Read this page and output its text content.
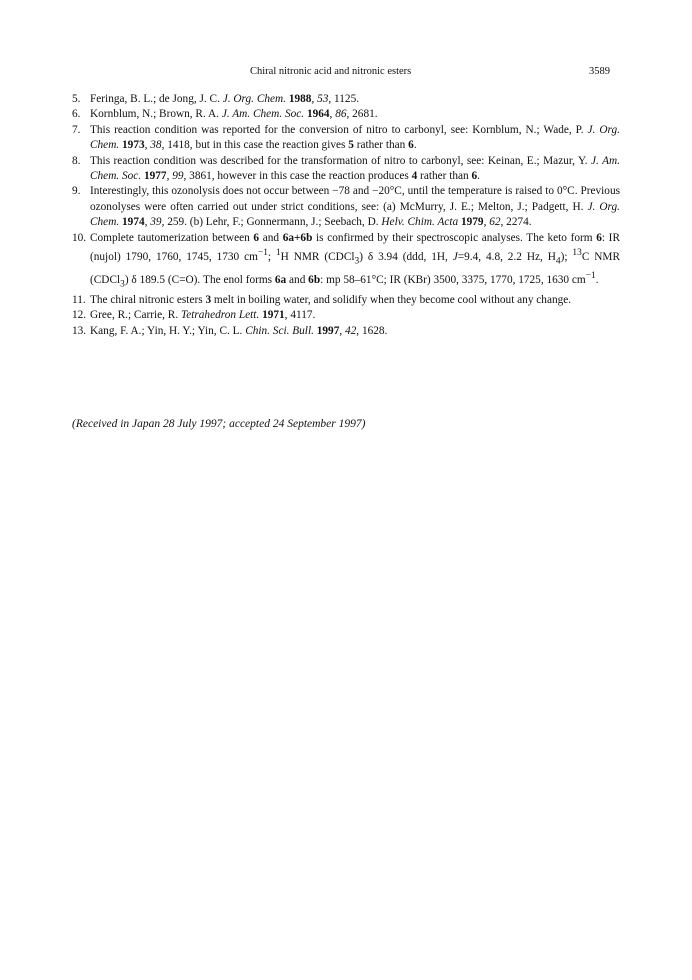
Chiral nitronic acid and nitronic esters	3589
5. Feringa, B. L.; de Jong, J. C. J. Org. Chem. 1988, 53, 1125.
6. Kornblum, N.; Brown, R. A. J. Am. Chem. Soc. 1964, 86, 2681.
7. This reaction condition was reported for the conversion of nitro to carbonyl, see: Kornblum, N.; Wade, P. J. Org. Chem. 1973, 38, 1418, but in this case the reaction gives 5 rather than 6.
8. This reaction condition was described for the transformation of nitro to carbonyl, see: Keinan, E.; Mazur, Y. J. Am. Chem. Soc. 1977, 99, 3861, however in this case the reaction produces 4 rather than 6.
9. Interestingly, this ozonolysis does not occur between −78 and −20°C, until the temperature is raised to 0°C. Previous ozonolyses were often carried out under strict conditions, see: (a) McMurry, J. E.; Melton, J.; Padgett, H. J. Org. Chem. 1974, 39, 259. (b) Lehr, F.; Gonnermann, J.; Seebach, D. Helv. Chim. Acta 1979, 62, 2274.
10. Complete tautomerization between 6 and 6a+6b is confirmed by their spectroscopic analyses. The keto form 6: IR (nujol) 1790, 1760, 1745, 1730 $cm^{-1}$; $^1$H NMR (CDCl$_3$) δ 3.94 (ddd, 1H, J=9.4, 4.8, 2.2 Hz, $H_4$); $^{13}$C NMR (CDCl$_3$) δ 189.5 (C=O). The enol forms 6a and 6b: mp 58–61°C; IR (KBr) 3500, 3375, 1770, 1725, 1630 $cm^{-1}$.
11. The chiral nitronic esters 3 melt in boiling water, and solidify when they become cool without any change.
12. Gree, R.; Carrie, R. Tetrahedron Lett. 1971, 4117.
13. Kang, F. A.; Yin, H. Y.; Yin, C. L. Chin. Sci. Bull. 1997, 42, 1628.
(Received in Japan 28 July 1997; accepted 24 September 1997)
